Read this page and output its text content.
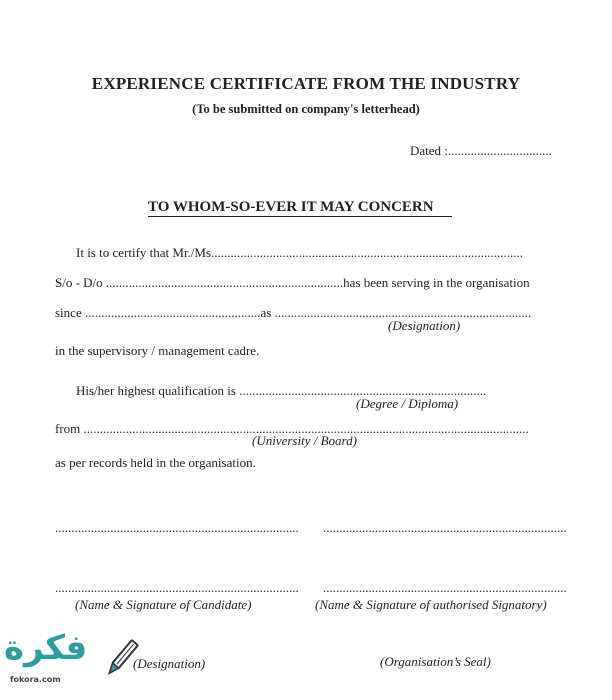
EXPERIENCE CERTIFICATE FROM THE INDUSTRY
(To be submitted on company's letterhead)
Dated :................................
TO WHOM-SO-EVER IT MAY CONCERN
It is to certify that Mr./Ms................................................................................................
S/o - D/o .........................................................................has been serving in the organisation
since ......................................................as ...............................................................................
(Designation)
in the supervisory / management cadre.
His/her highest qualification is ............................................................................
(Degree / Diploma)
from .........................................................................................................................................
(University / Board)
as per records held in the organisation.
........................................................................... ...........................................................................
........................................................................... ...........................................................................
(Name & Signature of Candidate)	(Name & Signature of authorised Signatory)
(Designation)	(Organisation’s Seal)
فكرة
fokora.com
